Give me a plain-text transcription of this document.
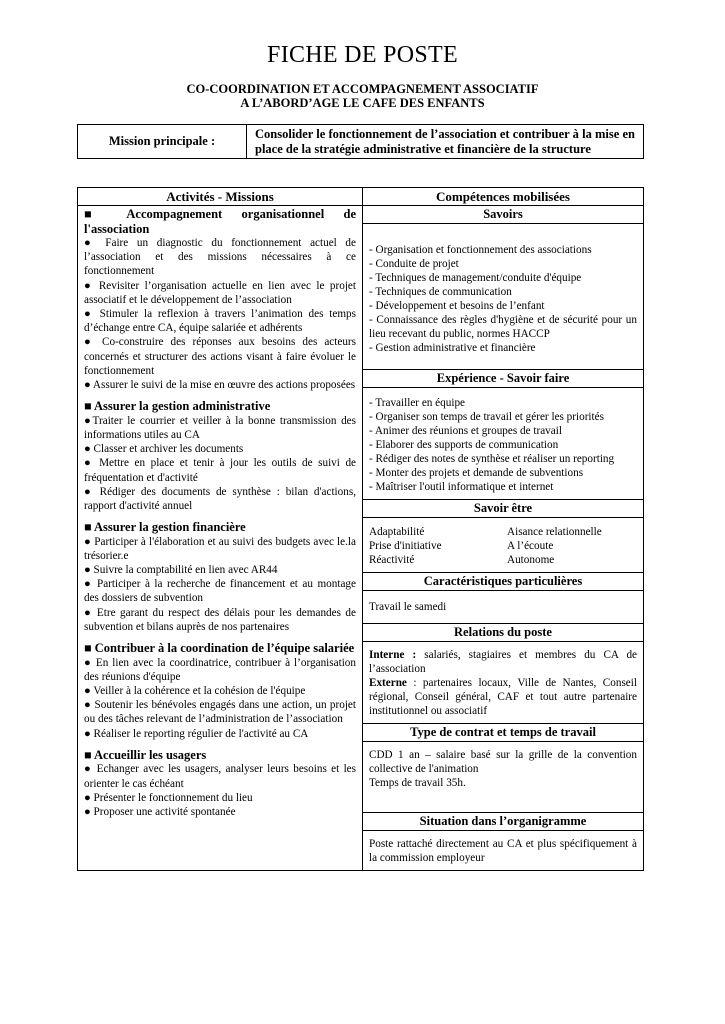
FICHE DE POSTE
CO-COORDINATION ET ACCOMPAGNEMENT ASSOCIATIF
A L’ABORD’AGE LE CAFE DES ENFANTS
Mission principale :	Consolider le fonctionnement de l’association et contribuer à la mise en place de la stratégie administrative et financière de la structure
Activités - Missions
■ Accompagnement organisationnel de l'association

● Faire un diagnostic du fonctionnement actuel de l’association et des missions nécessaires à ce fonctionnement

● Revisiter l’organisation actuelle en lien avec le projet associatif et le développement de l’association

● Stimuler la reflexion à travers l’animation des temps d’échange entre CA, équipe salariée et adhérents

● Co-construire des réponses aux besoins des acteurs concernés et structurer des actions visant à faire évoluer le fonctionnement

● Assurer le suivi de la mise en œuvre des actions proposées

■ Assurer la gestion administrative

●Traiter le courrier et veiller à la bonne transmission des informations utiles au CA

● Classer et archiver les documents

● Mettre en place et tenir à jour les outils de suivi de fréquentation et d'activité

● Rédiger des documents de synthèse : bilan d'actions, rapport d'activité annuel

■ Assurer la gestion financière

● Participer à l'élaboration et au suivi des budgets avec le.la trésorier.e

● Suivre la comptabilité en lien avec AR44

● Participer à la recherche de financement et au montage des dossiers de subvention

● Etre garant du respect des délais pour les demandes de subvention et bilans auprès de nos partenaires

■ Contribuer à la coordination de l’équipe salariée

● En lien avec la coordinatrice, contribuer à l’organisation des réunions d'équipe

● Veiller à la cohérence et la cohésion de l'équipe

● Soutenir les bénévoles engagés dans une action, un projet ou des tâches relevant de l’administration de l’association

● Réaliser le reporting régulier de l'activité au CA

■ Accueillir les usagers

● Echanger avec les usagers, analyser leurs besoins et les orienter le cas échéant

● Présenter le fonctionnement du lieu

● Proposer une activité spontanée

Compétences mobilisées
Savoirs

- Organisation et fonctionnement des associations

- Conduite de projet

- Techniques de management/conduite d'équipe

- Techniques de communication

- Développement et besoins de l’enfant

- Connaissance des règles d'hygiène et de sécurité pour un lieu recevant du public, normes HACCP

- Gestion administrative et financière

Expérience - Savoir faire

- Travailler en équipe

- Organiser son temps de travail et gérer les priorités

- Animer des réunions et groupes de travail

- Elaborer des supports de communication

- Rédiger des notes de synthèse et réaliser un reporting

- Monter des projets et demande de subventions

- Maîtriser l'outil informatique et internet

Savoir être
Adaptabilité	Aisance relationnelle
Prise d'initiative	A l’écoute
Réactivité	Autonome
Caractéristiques particulières
Travail le samedi
Relations du poste
Interne : salariés, stagiaires et membres du CA de l’association
Externe : partenaires locaux, Ville de Nantes, Conseil régional, Conseil général, CAF et tout autre partenaire institutionnel ou associatif
Type de contrat et temps de travail
CDD 1 an – salaire basé sur la grille de la convention collective de l'animation
Temps de travail 35h.
Situation dans l’organigramme
Poste rattaché directement au CA et plus spécifiquement à la commission employeur
